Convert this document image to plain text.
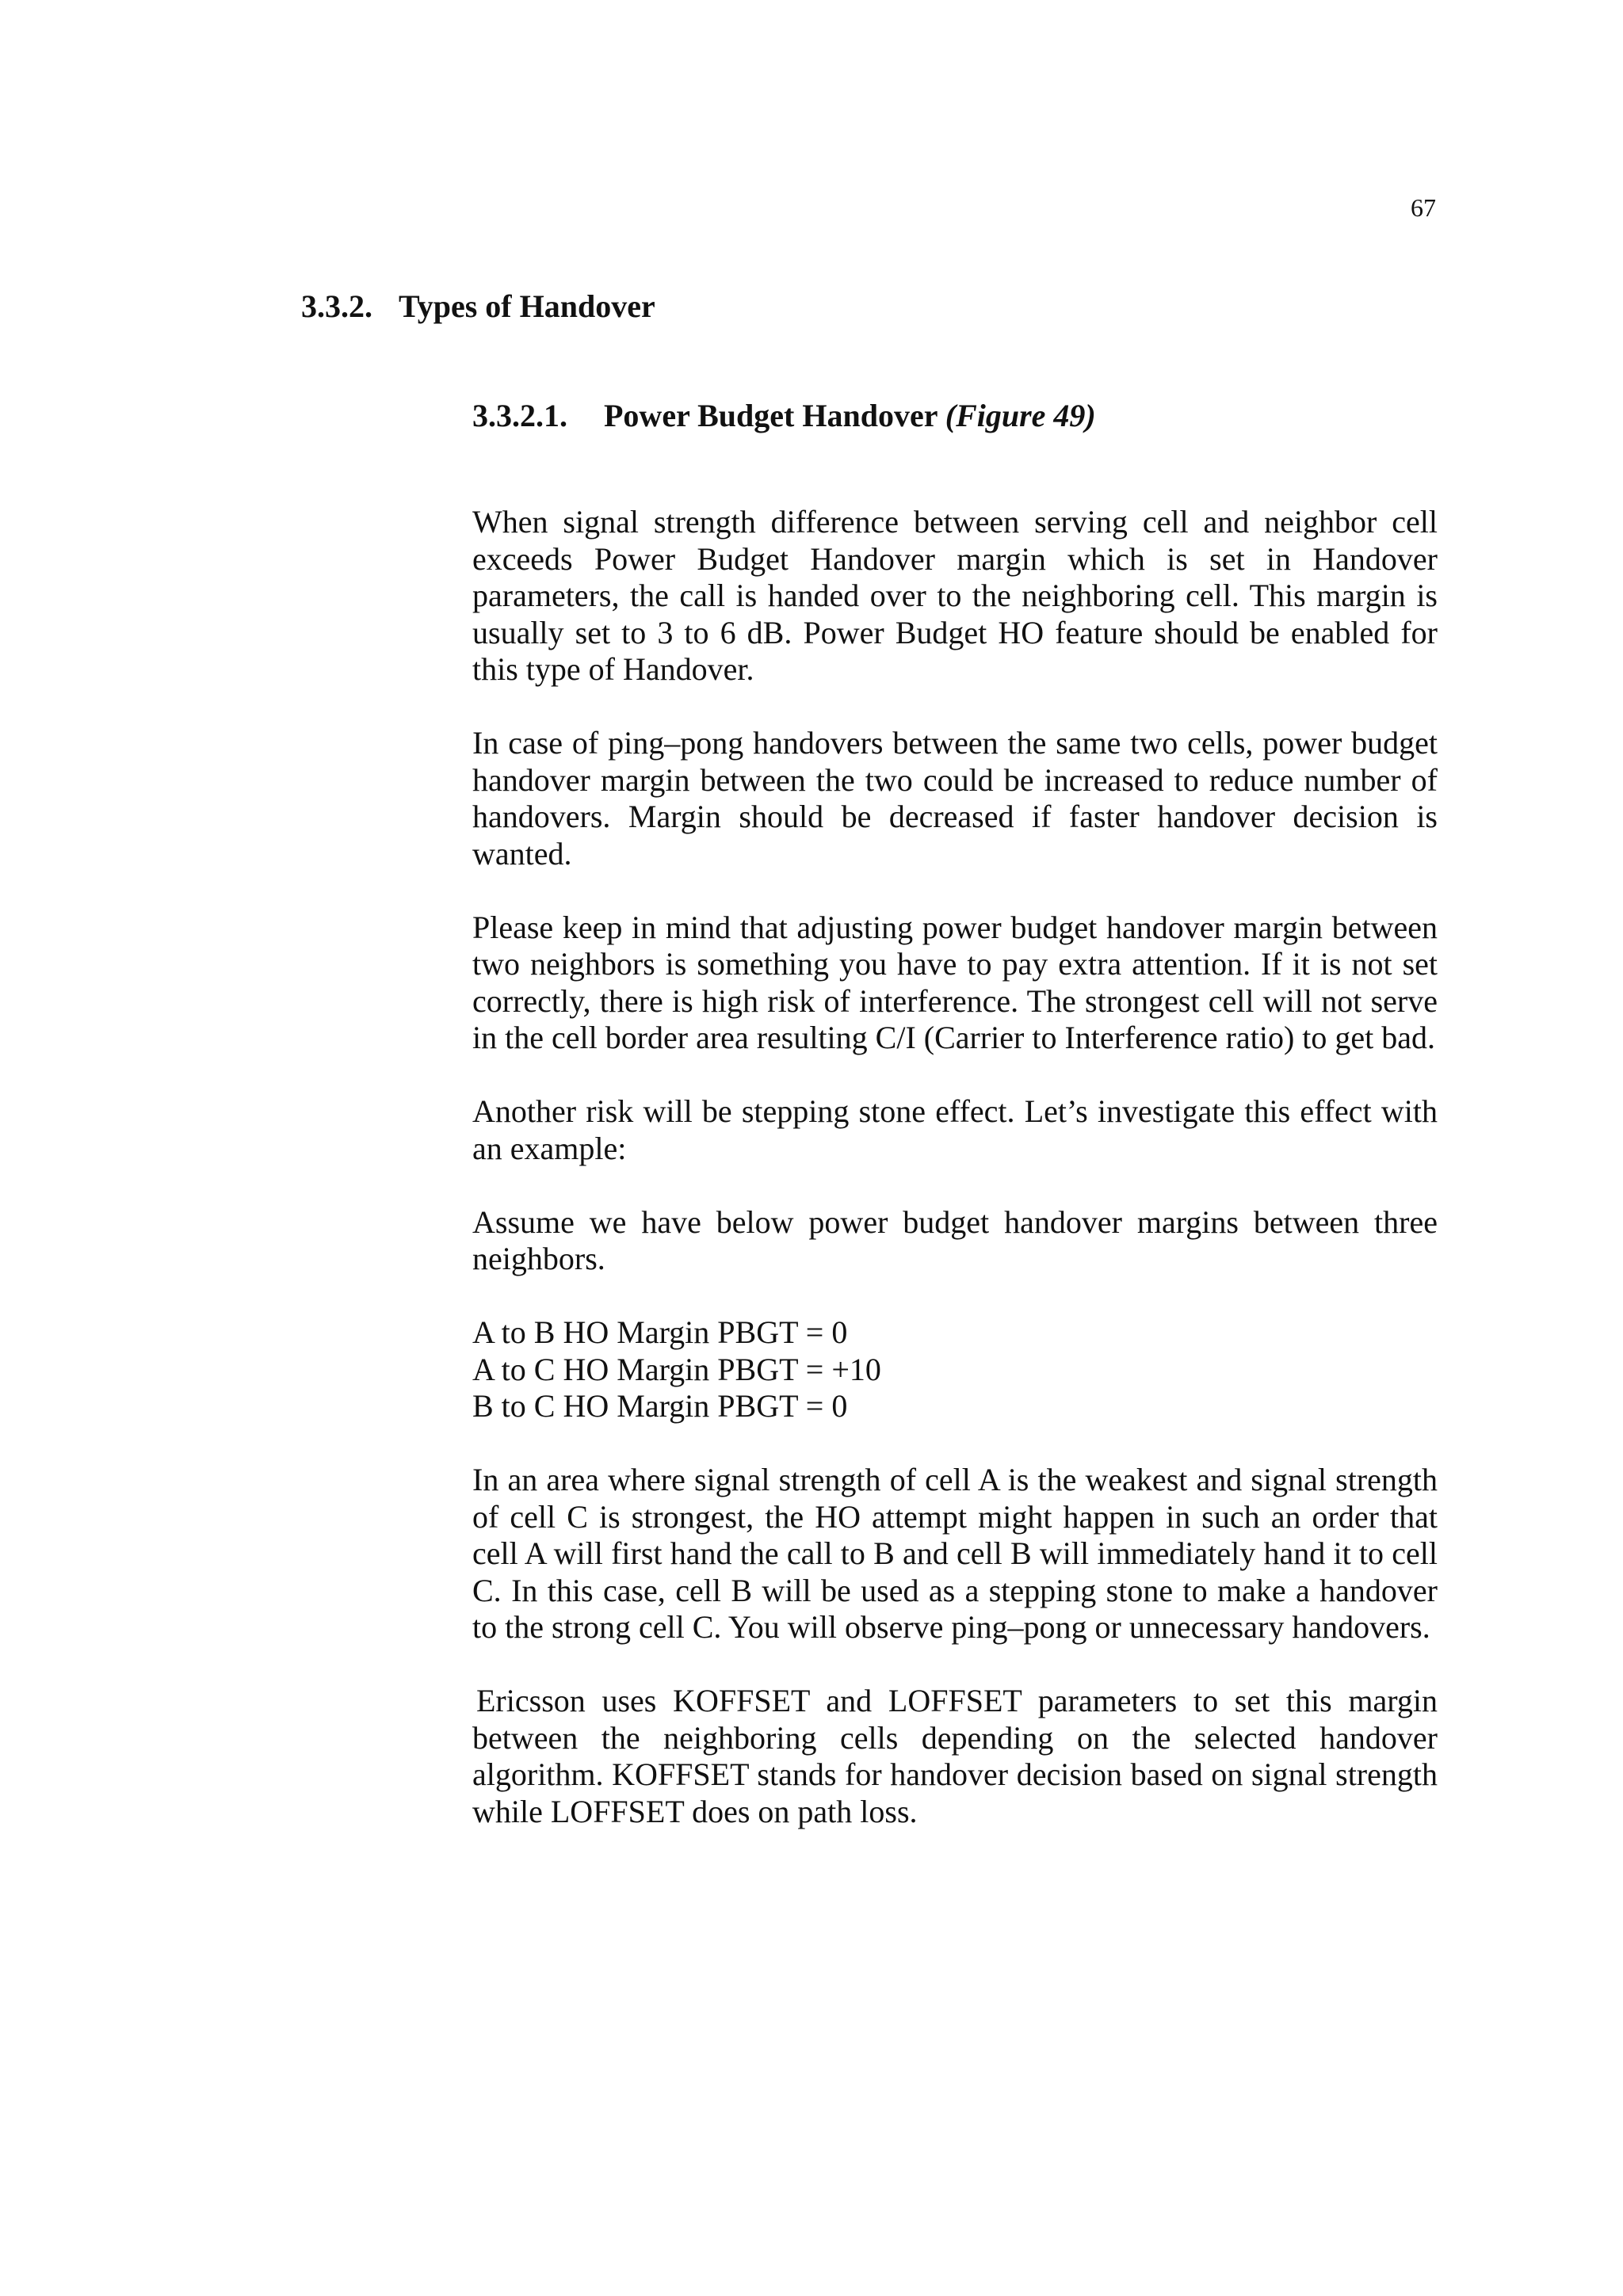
67
3.3.2. Types of Handover
3.3.2.1. Power Budget Handover (Figure 49)

When signal strength difference between serving cell and neighbor cell exceeds Power Budget Handover margin which is set in Handover parameters, the call is handed over to the neighboring cell. This margin is usually set to 3 to 6 dB. Power Budget HO feature should be enabled for this type of Handover.

In case of ping–pong handovers between the same two cells, power budget handover margin between the two could be increased to reduce number of handovers. Margin should be decreased if faster handover decision is wanted.

Please keep in mind that adjusting power budget handover margin between two neighbors is something you have to pay extra attention. If it is not set correctly, there is high risk of interference. The strongest cell will not serve in the cell border area resulting C/I (Carrier to Interference ratio) to get bad.

Another risk will be stepping stone effect. Let’s investigate this effect with an example:

Assume we have below power budget handover margins between three neighbors.

A to B HO Margin PBGT = 0
A to C HO Margin PBGT = +10
B to C HO Margin PBGT = 0

In an area where signal strength of cell A is the weakest and signal strength of cell C is strongest, the HO attempt might happen in such an order that cell A will first hand the call to B and cell B will immediately hand it to cell C. In this case, cell B will be used as a stepping stone to make a handover to the strong cell C. You will observe ping–pong or unnecessary handovers.

Ericsson uses KOFFSET and LOFFSET parameters to set this margin between the neighboring cells depending on the selected handover algorithm. KOFFSET stands for handover decision based on signal strength while LOFFSET does on path loss.
